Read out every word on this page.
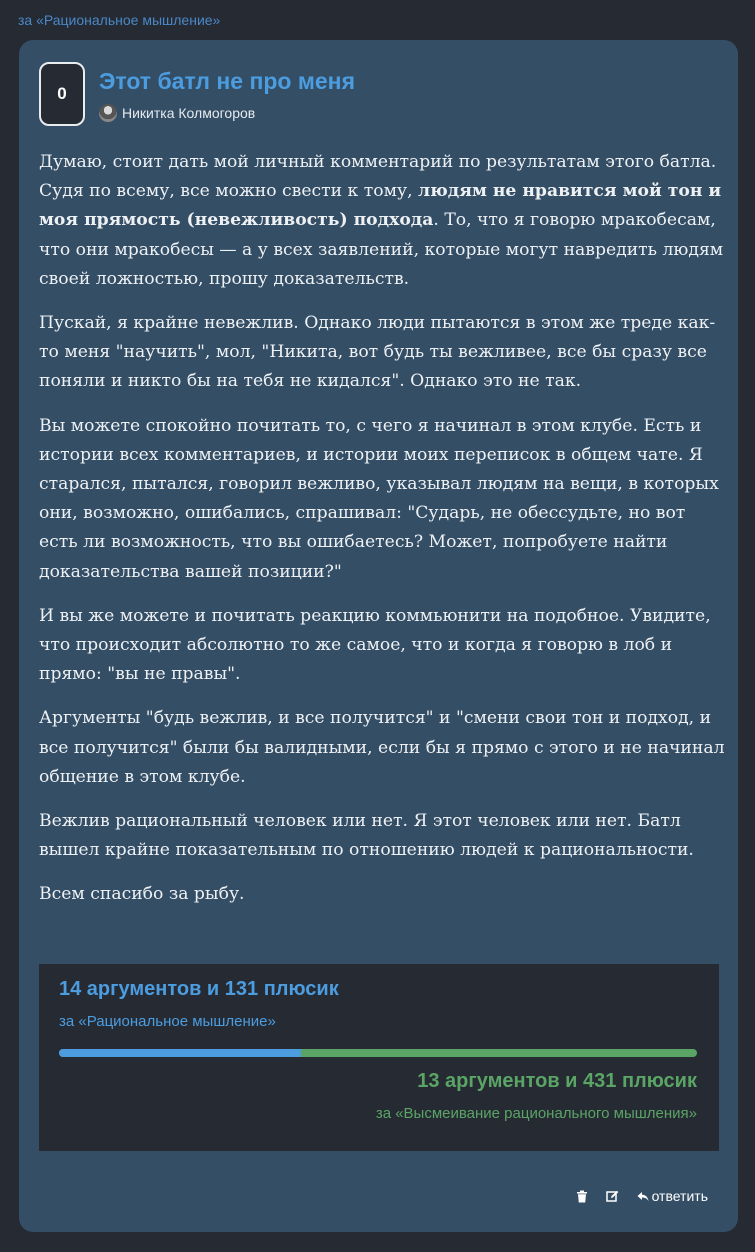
за «Рациональное мышление»
0	Этот батл не про меня
Никитка Колмогоров

Думаю, стоит дать мой личный комментарий по результатам этого батла. Судя по всему, все можно свести к тому, людям не нравится мой тон и моя прямость (невежливость) подхода. То, что я говорю мракобесам, что они мракобесы — а у всех заявлений, которые могут навредить людям своей ложностью, прошу доказательств.

Пускай, я крайне невежлив. Однако люди пытаются в этом же треде как-то меня "научить", мол, "Никита, вот будь ты вежливее, все бы сразу все поняли и никто бы на тебя не кидался". Однако это не так.

Вы можете спокойно почитать то, с чего я начинал в этом клубе. Есть и истории всех комментариев, и истории моих переписок в общем чате. Я старался, пытался, говорил вежливо, указывал людям на вещи, в которых они, возможно, ошибались, спрашивал: "Сударь, не обессудьте, но вот есть ли возможность, что вы ошибаетесь? Может, попробуете найти доказательства вашей позиции?"

И вы же можете и почитать реакцию коммьюнити на подобное. Увидите, что происходит абсолютно то же самое, что и когда я говорю в лоб и прямо: "вы не правы".

Аргументы "будь вежлив, и все получится" и "смени свои тон и подход, и все получится" были бы валидными, если бы я прямо с этого и не начинал общение в этом клубе.

Вежлив рациональный человек или нет. Я этот человек или нет. Батл вышел крайне показательным по отношению людей к рациональности.

Всем спасибо за рыбу.

14 аргументов и 131 плюсик
за «Рациональное мышление»
13 аргументов и 431 плюсик
за «Высмеивание рационального мышления»
ответить
